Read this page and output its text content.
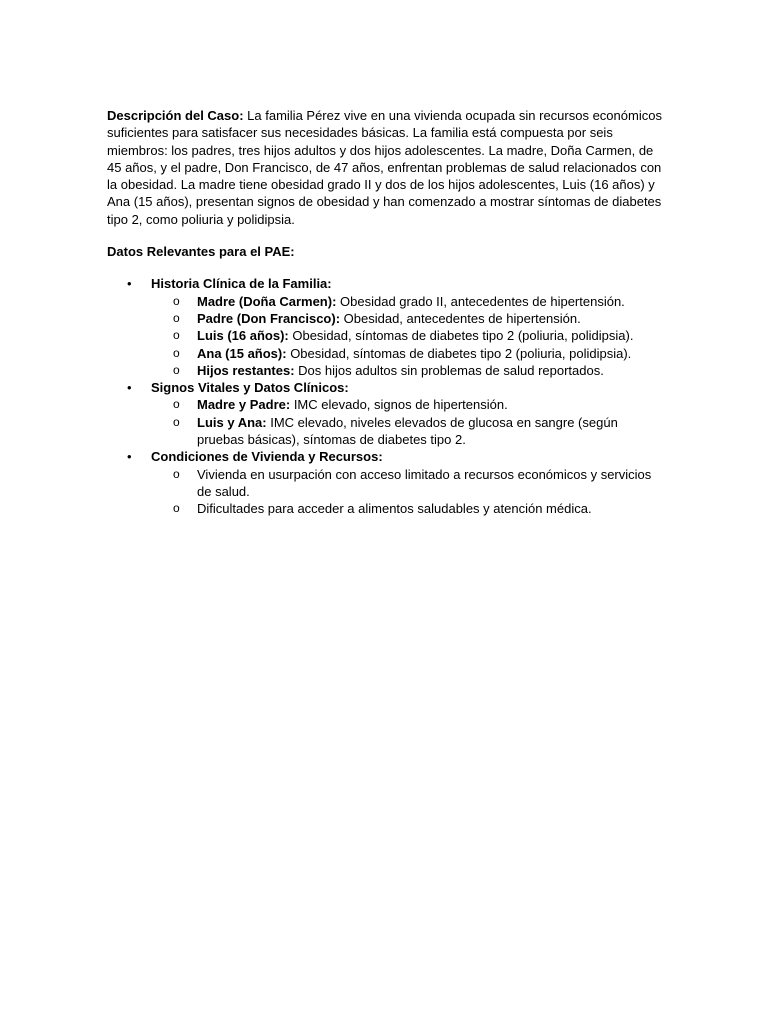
Descripción del Caso: La familia Pérez vive en una vivienda ocupada sin recursos económicos suficientes para satisfacer sus necesidades básicas. La familia está compuesta por seis miembros: los padres, tres hijos adultos y dos hijos adolescentes. La madre, Doña Carmen, de 45 años, y el padre, Don Francisco, de 47 años, enfrentan problemas de salud relacionados con la obesidad. La madre tiene obesidad grado II y dos de los hijos adolescentes, Luis (16 años) y Ana (15 años), presentan signos de obesidad y han comenzado a mostrar síntomas de diabetes tipo 2, como poliuria y polidipsia.

Datos Relevantes para el PAE:

• Historia Clínica de la Familia:
o Madre (Doña Carmen): Obesidad grado II, antecedentes de hipertensión.
o Padre (Don Francisco): Obesidad, antecedentes de hipertensión.
o Luis (16 años): Obesidad, síntomas de diabetes tipo 2 (poliuria, polidipsia).
o Ana (15 años): Obesidad, síntomas de diabetes tipo 2 (poliuria, polidipsia).
o Hijos restantes: Dos hijos adultos sin problemas de salud reportados.
• Signos Vitales y Datos Clínicos:
o Madre y Padre: IMC elevado, signos de hipertensión.
o Luis y Ana: IMC elevado, niveles elevados de glucosa en sangre (según pruebas básicas), síntomas de diabetes tipo 2.
• Condiciones de Vivienda y Recursos:
o Vivienda en usurpación con acceso limitado a recursos económicos y servicios de salud.
o Dificultades para acceder a alimentos saludables y atención médica.
